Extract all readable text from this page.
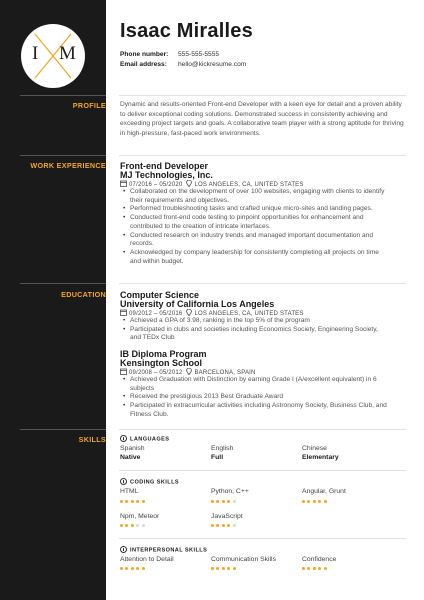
I M
Isaac Miralles
Phone number: 555-555-5555
Email address: hello@kickresume.com
PROFILE Dynamic and results-oriented Front-end Developer with a keen eye for detail and a proven ability to deliver exceptional coding solutions. Demonstrated success in consistently achieving and exceeding project targets and goals. A collaborative team player with a strong aptitude for thriving in high-pressure, fast-paced work environments.
WORK EXPERIENCE Front-end Developer
MJ Technologies, Inc.
07/2016 – 05/2020 LOS ANGELES, CA, UNITED STATES
• Collaborated on the development of over 100 websites, engaging with clients to identify their requirements and objectives.
• Performed troubleshooting tasks and crafted unique micro-sites and landing pages.
• Conducted front-end code testing to pinpoint opportunities for enhancement and contributed to the creation of intricate interfaces.
• Conducted research on industry trends and managed important documentation and records.
• Acknowledged by company leadership for consistently completing all projects on time and within budget.
EDUCATION Computer Science
University of California Los Angeles
09/2012 – 05/2016 LOS ANGELES, CA, UNITED STATES
• Achieved a GPA of 3.98, ranking in the top 5% of the program
• Participated in clubs and societies including Economics Society, Engineering Society, and TEDx Club
IB Diploma Program
Kensington School
09/2008 – 05/2012 BARCELONA, SPAIN
• Achieved Graduation with Distinction by earning Grade I (A/excellent equivalent) in 6 subjects
• Received the prestigious 2013 Best Graduate Award
• Participated in extracurricular activities including Astronomy Society, Business Club, and Fitness Club.
SKILLS	LANGUAGES
Spanish
Native
English
Full
Chinese
Elementary
CODING SKILLS
HTML	Python, C++	Angular, Grunt
Npm, Meteor	JavaScript
INTERPERSONAL SKILLS
Attention to Detail	Communication Skills	Confidence
